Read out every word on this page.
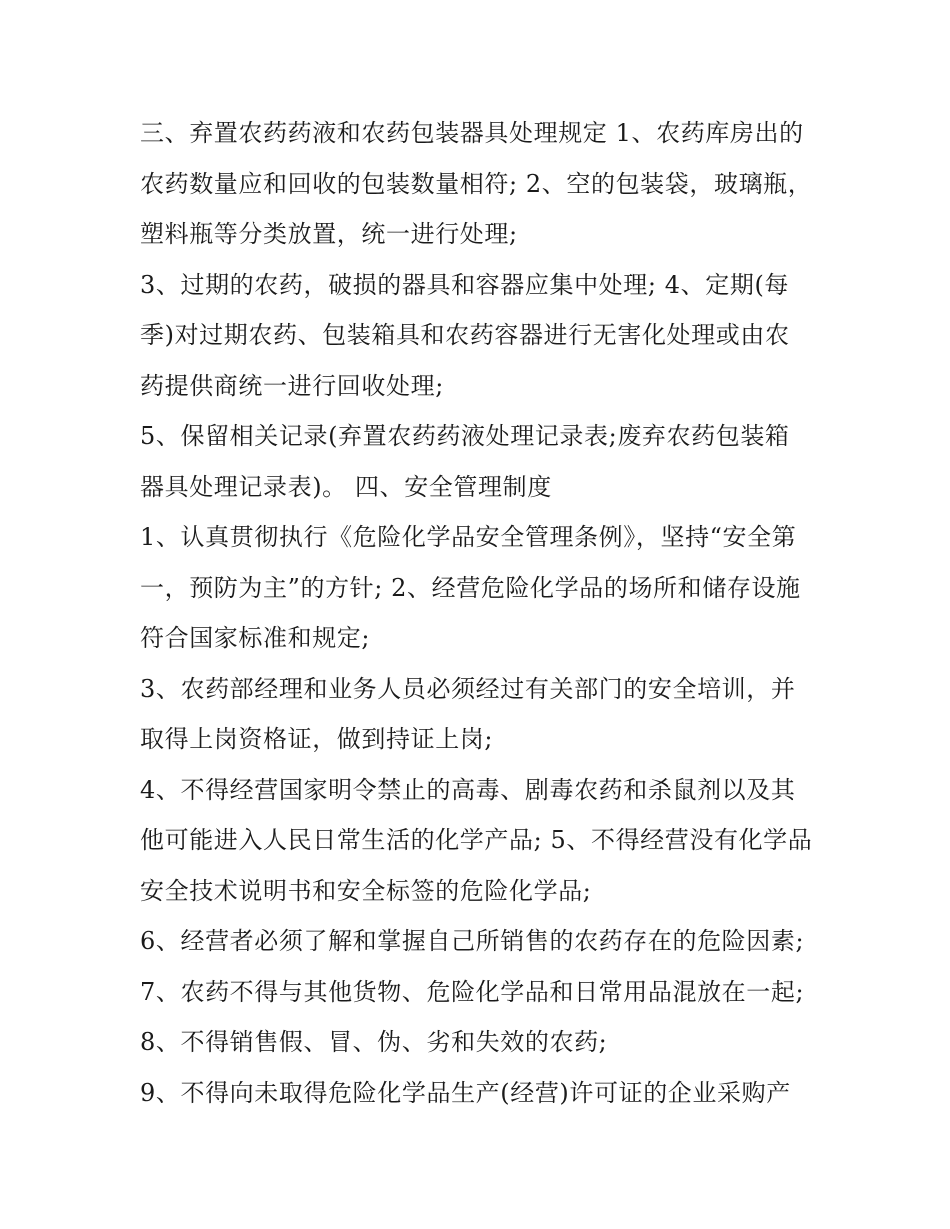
三、弃置农药药液和农药包装器具处理规定 1、农药库房出的
农药数量应和回收的包装数量相符; 2、空的包装袋，玻璃瓶，
塑料瓶等分类放置，统一进行处理;

3、过期的农药，破损的器具和容器应集中处理; 4、定期(每
季)对过期农药、包装箱具和农药容器进行无害化处理或由农
药提供商统一进行回收处理;

5、保留相关记录(弃置农药药液处理记录表;废弃农药包装箱
器具处理记录表)。 四、安全管理制度

1、认真贯彻执行《危险化学品安全管理条例》，坚持“安全第
一，预防为主”的方针; 2、经营危险化学品的场所和储存设施
符合国家标准和规定;

3、农药部经理和业务人员必须经过有关部门的安全培训，并
取得上岗资格证，做到持证上岗;

4、不得经营国家明令禁止的高毒、剧毒农药和杀鼠剂以及其
他可能进入人民日常生活的化学产品; 5、不得经营没有化学品
安全技术说明书和安全标签的危险化学品;

6、经营者必须了解和掌握自己所销售的农药存在的危险因素;

7、农药不得与其他货物、危险化学品和日常用品混放在一起;

8、不得销售假、冒、伪、劣和失效的农药;

9、不得向未取得危险化学品生产(经营)许可证的企业采购产
